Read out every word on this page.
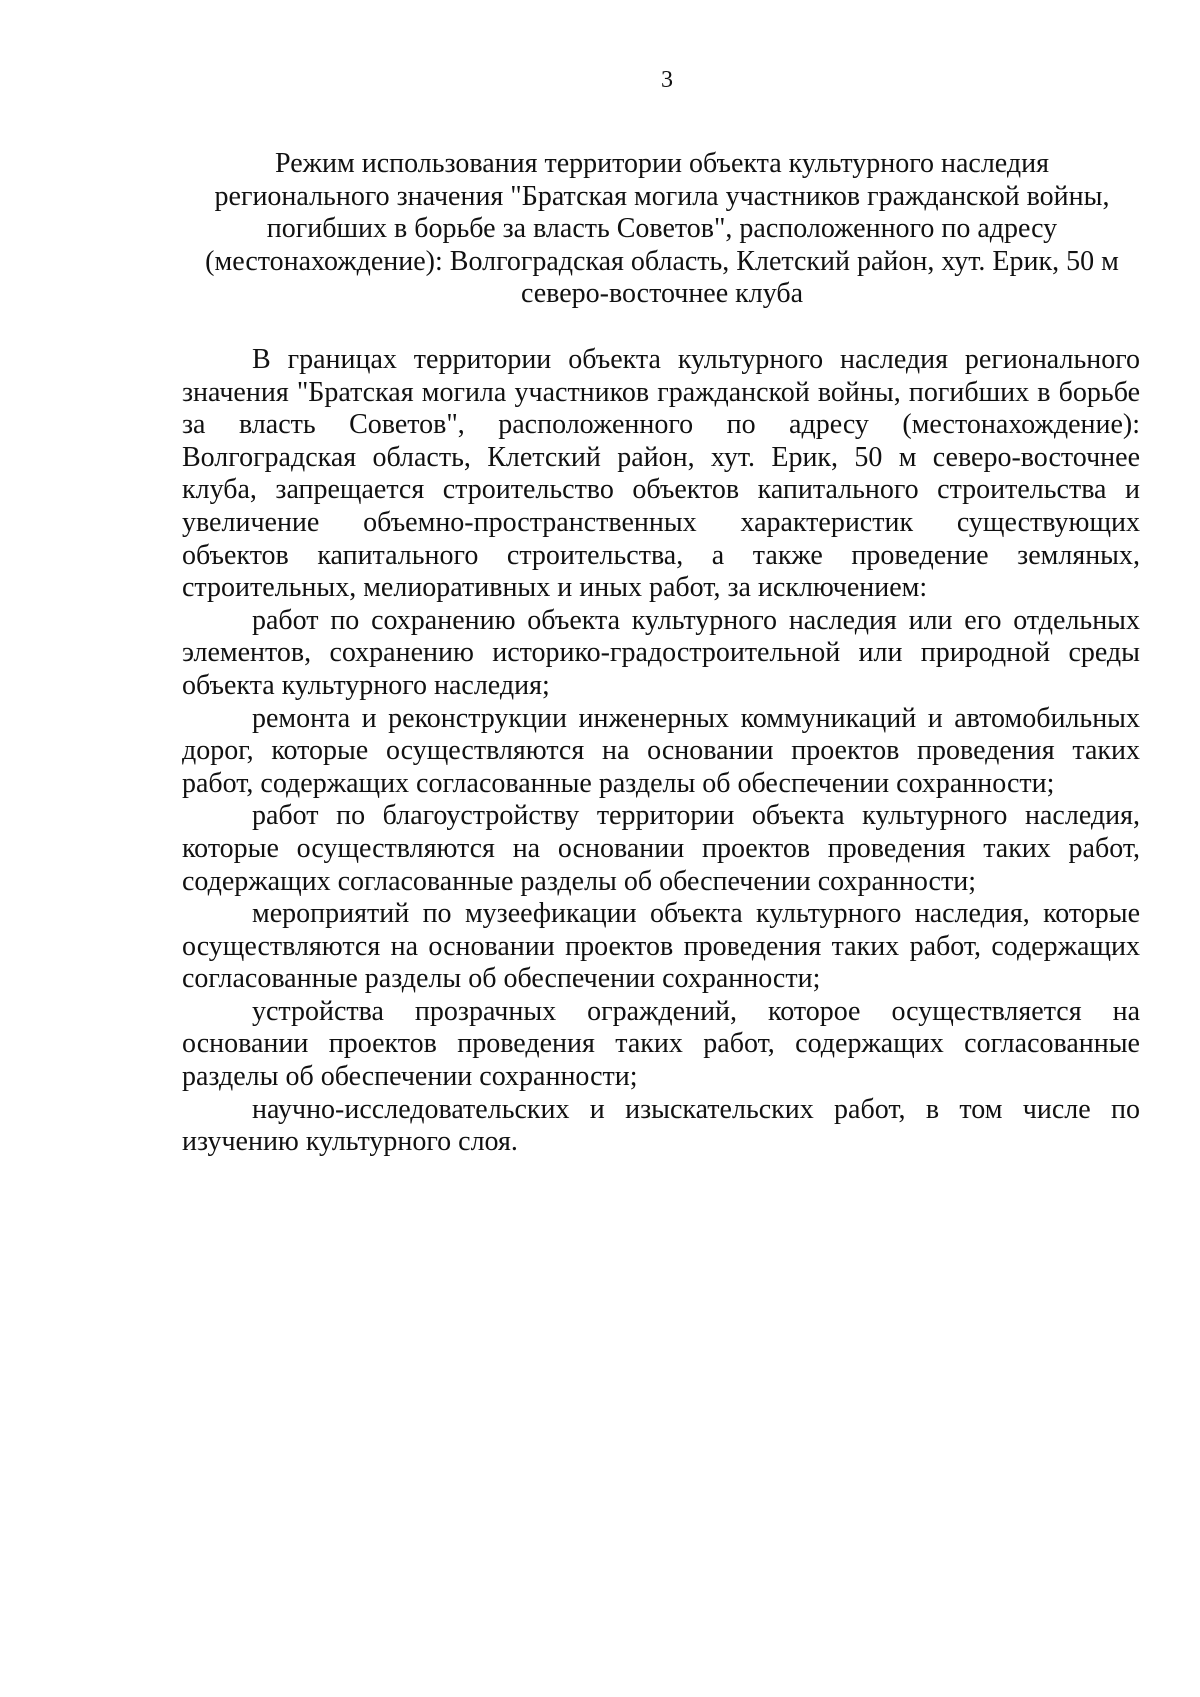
3
Режим использования территории объекта культурного наследия
регионального значения "Братская могила участников гражданской войны,
погибших в борьбе за власть Советов", расположенного по адресу
(местонахождение): Волгоградская область, Клетский район, хут. Ерик, 50 м
северо-восточнее клуба

В границах территории объекта культурного наследия регионального значения "Братская могила участников гражданской войны, погибших в борьбе за власть Советов", расположенного по адресу (местонахождение): Волгоградская область, Клетский район, хут. Ерик, 50 м северо-восточнее клуба, запрещается строительство объектов капитального строительства и увеличение объемно-пространственных характеристик существующих объектов капитального строительства, а также проведение земляных, строительных, мелиоративных и иных работ, за исключением:

работ по сохранению объекта культурного наследия или его отдельных элементов, сохранению историко-градостроительной или природной среды объекта культурного наследия;

ремонта и реконструкции инженерных коммуникаций и автомобильных дорог, которые осуществляются на основании проектов проведения таких работ, содержащих согласованные разделы об обеспечении сохранности;

работ по благоустройству территории объекта культурного наследия, которые осуществляются на основании проектов проведения таких работ, содержащих согласованные разделы об обеспечении сохранности;

мероприятий по музеефикации объекта культурного наследия, которые осуществляются на основании проектов проведения таких работ, содержащих согласованные разделы об обеспечении сохранности;

устройства прозрачных ограждений, которое осуществляется на основании проектов проведения таких работ, содержащих согласованные разделы об обеспечении сохранности;

научно-исследовательских и изыскательских работ, в том числе по изучению культурного слоя.
